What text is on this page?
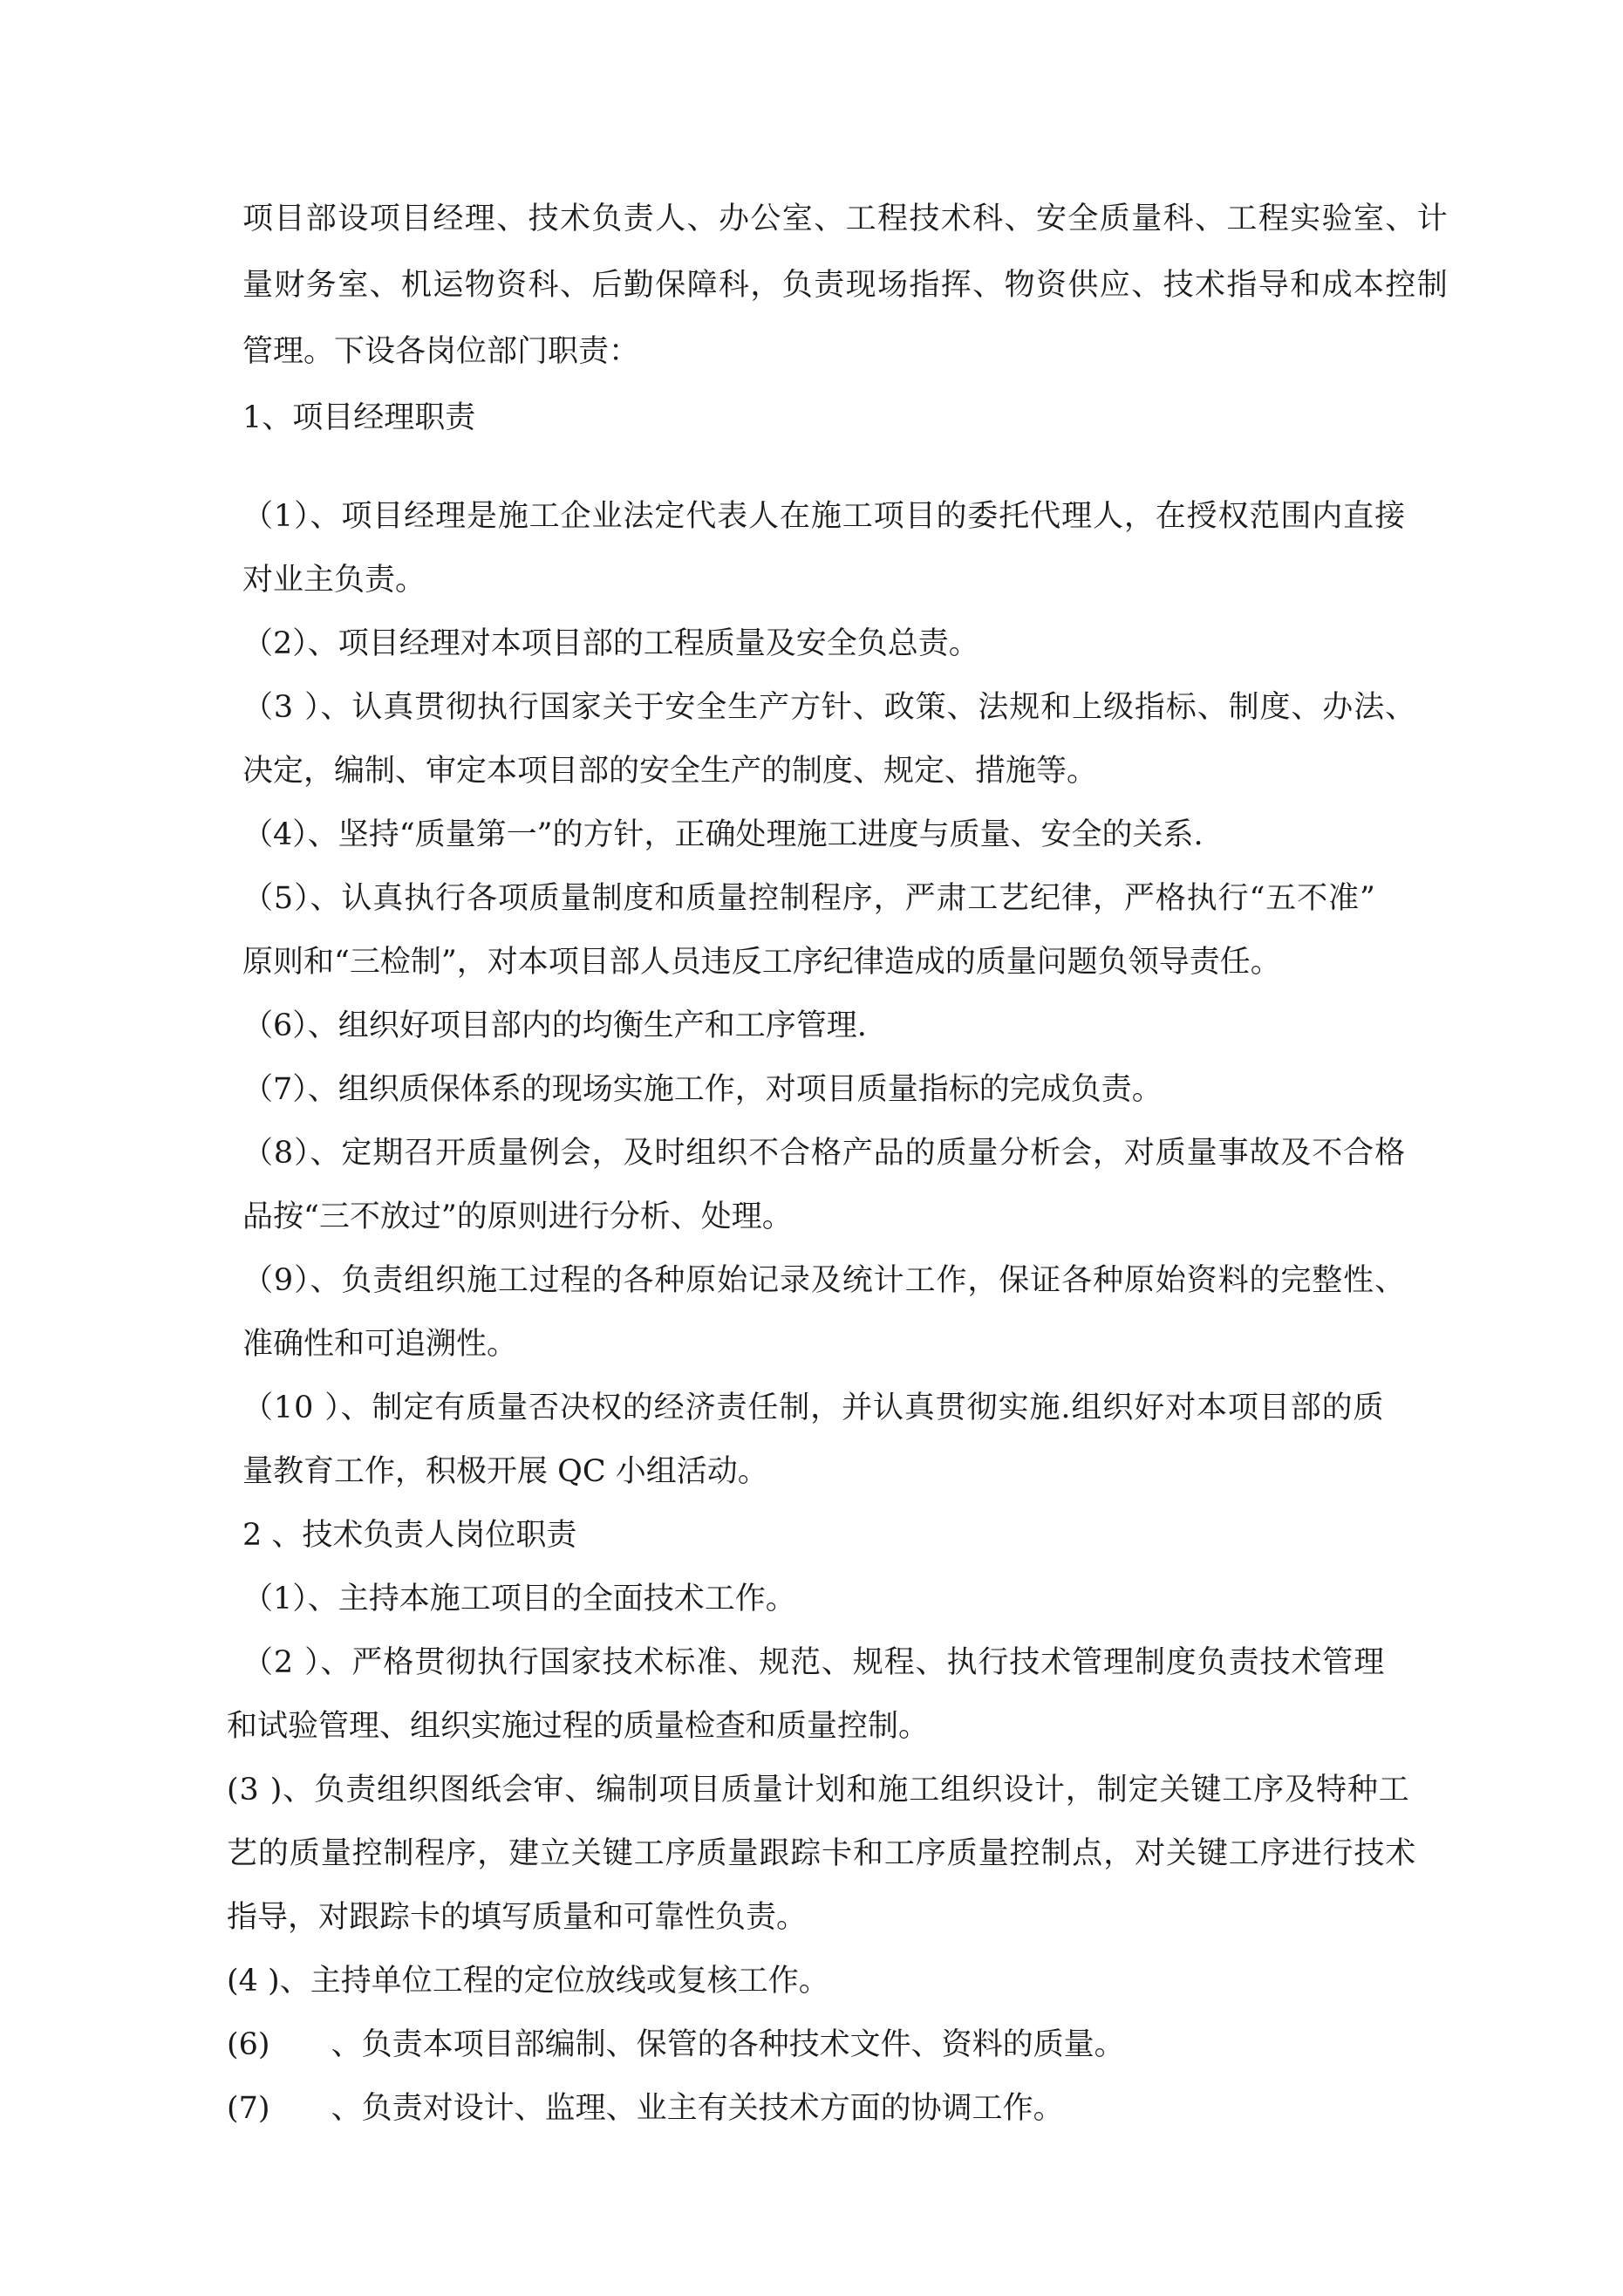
项目部设项目经理、技术负责人、办公室、工程技术科、安全质量科、工程实验室、计

量财务室、机运物资科、后勤保障科，负责现场指挥、物资供应、技术指导和成本控制

管理。下设各岗位部门职责：

1、项目经理职责

（1）、项目经理是施工企业法定代表人在施工项目的委托代理人，在授权范围内直接

对业主负责。

（2）、项目经理对本项目部的工程质量及安全负总责。

（3 ）、认真贯彻执行国家关于安全生产方针、政策、法规和上级指标、制度、办法、

决定，编制、审定本项目部的安全生产的制度、规定、措施等。

（4）、坚持“质量第一”的方针，正确处理施工进度与质量、安全的关系.

（5）、认真执行各项质量制度和质量控制程序，严肃工艺纪律，严格执行“五不准”

原则和“三检制”，对本项目部人员违反工序纪律造成的质量问题负领导责任。

（6）、组织好项目部内的均衡生产和工序管理.

（7）、组织质保体系的现场实施工作，对项目质量指标的完成负责。

（8）、定期召开质量例会，及时组织不合格产品的质量分析会，对质量事故及不合格

品按“三不放过”的原则进行分析、处理。

（9）、负责组织施工过程的各种原始记录及统计工作，保证各种原始资料的完整性、

准确性和可追溯性。

（10 ）、制定有质量否决权的经济责任制，并认真贯彻实施.组织好对本项目部的质

量教育工作，积极开展 QC 小组活动。

2 、技术负责人岗位职责

（1）、主持本施工项目的全面技术工作。

（2 ）、严格贯彻执行国家技术标准、规范、规程、执行技术管理制度负责技术管理

和试验管理、组织实施过程的质量检查和质量控制。

(3 )、负责组织图纸会审、编制项目质量计划和施工组织设计，制定关键工序及特种工

艺的质量控制程序，建立关键工序质量跟踪卡和工序质量控制点，对关键工序进行技术

指导，对跟踪卡的填写质量和可靠性负责。

(4 )、主持单位工程的定位放线或复核工作。

(6)　　、负责本项目部编制、保管的各种技术文件、资料的质量。

(7)　　、负责对设计、监理、业主有关技术方面的协调工作。
